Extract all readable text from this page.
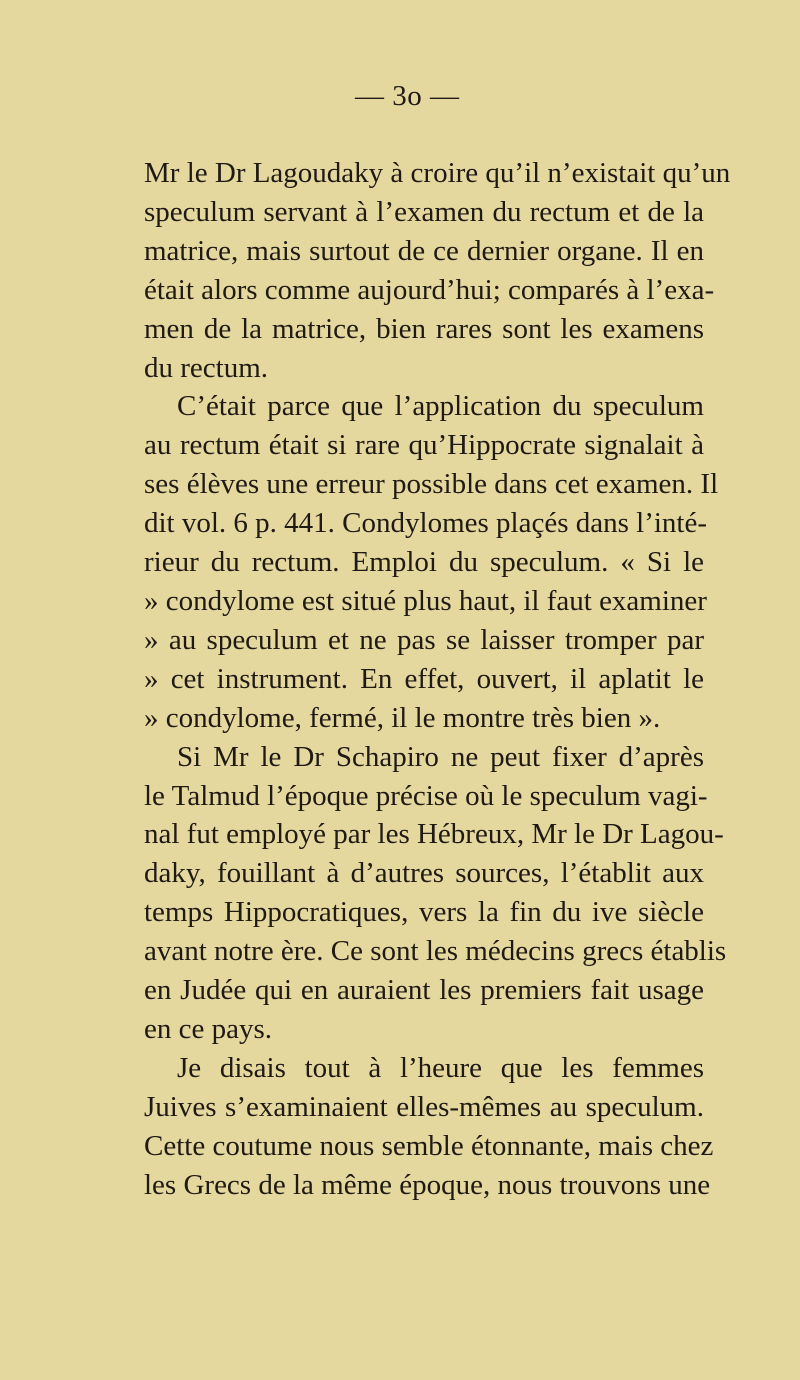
— 3o —
Mr le Dr Lagoudaky à croire qu’il n’existait qu’un
speculum servant à l’examen du rectum et de la
matrice, mais surtout de ce dernier organe. Il en
était alors comme aujourd’hui; comparés à l’exa-
men de la matrice, bien rares sont les examens
du rectum.
C’était parce que l’application du speculum
au rectum était si rare qu’Hippocrate signalait à
ses élèves une erreur possible dans cet examen. Il
dit vol. 6 p. 441. Condylomes plaçés dans l’inté-
rieur du rectum. Emploi du speculum. « Si le
» condylome est situé plus haut, il faut examiner
» au speculum et ne pas se laisser tromper par
» cet instrument. En effet, ouvert, il aplatit le
» condylome, fermé, il le montre très bien ».
Si Mr le Dr Schapiro ne peut fixer d’après
le Talmud l’époque précise où le speculum vagi-
nal fut employé par les Hébreux, Mr le Dr Lagou-
daky, fouillant à d’autres sources, l’établit aux
temps Hippocratiques, vers la fin du ive siècle
avant notre ère. Ce sont les médecins grecs établis
en Judée qui en auraient les premiers fait usage
en ce pays.
Je disais tout à l’heure que les femmes
Juives s’examinaient elles-mêmes au speculum.
Cette coutume nous semble étonnante, mais chez
les Grecs de la même époque, nous trouvons une
